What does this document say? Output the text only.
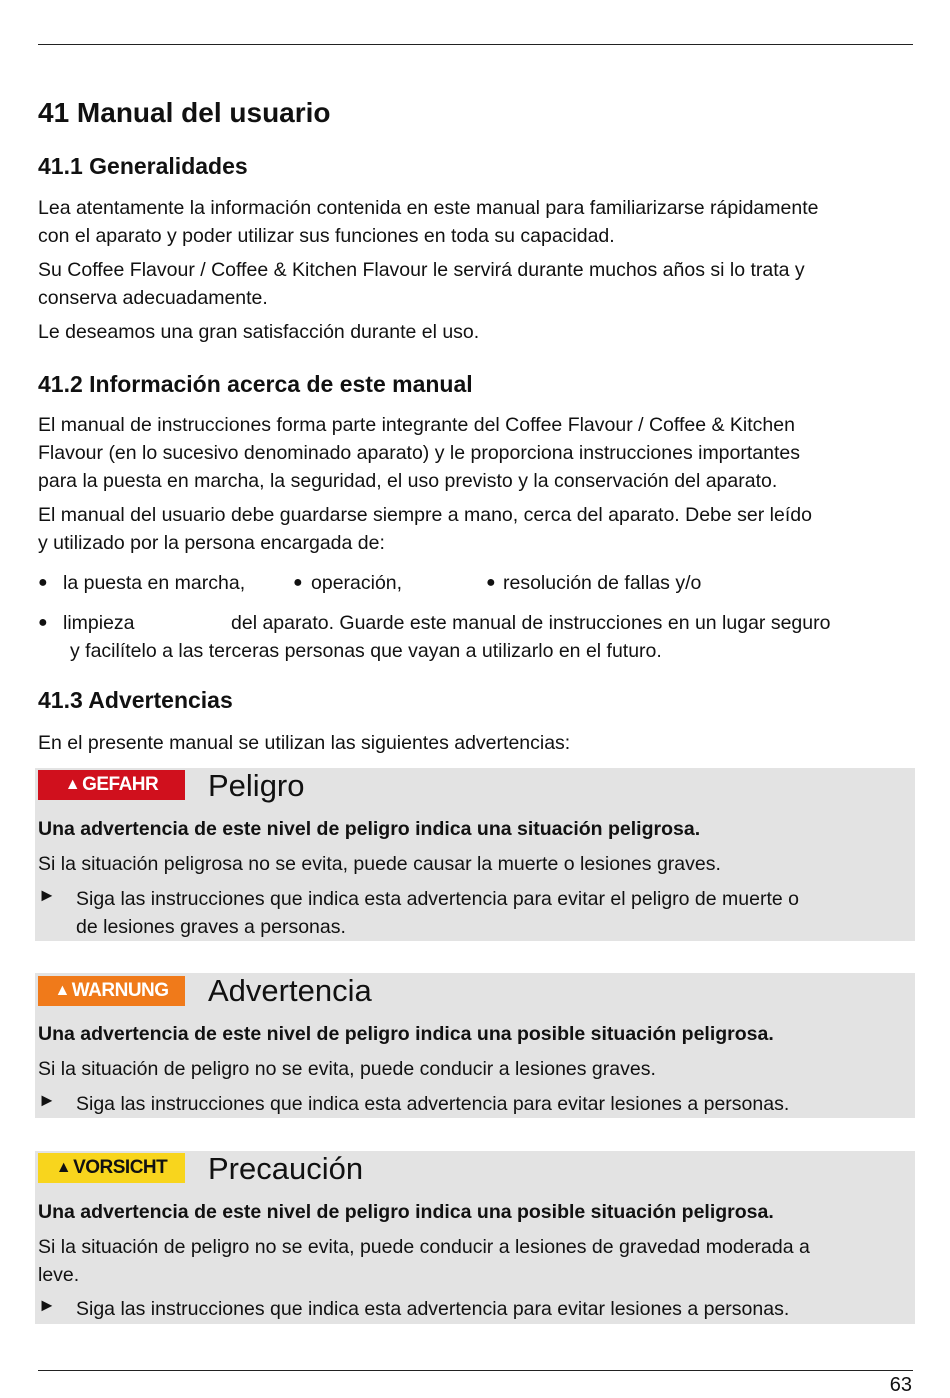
41 Manual del usuario
41.1 Generalidades
Lea atentamente la información contenida en este manual para familiarizarse rápidamente
con el aparato y poder utilizar sus funciones en toda su capacidad.
Su Coffee Flavour / Coffee & Kitchen Flavour le servirá durante muchos años si lo trata y
conserva adecuadamente.
Le deseamos una gran satisfacción durante el uso.
41.2 Información acerca de este manual
El manual de instrucciones forma parte integrante del Coffee Flavour / Coffee & Kitchen
Flavour (en lo sucesivo denominado aparato) y le proporciona instrucciones importantes
para la puesta en marcha, la seguridad, el uso previsto y la conservación del aparato.
El manual del usuario debe guardarse siempre a mano, cerca del aparato. Debe ser leído
y utilizado por la persona encargada de:
● la puesta en marcha,	● operación,	● resolución de fallas y/o
● limpieza	del aparato. Guarde este manual de instrucciones en un lugar seguro
y facilítelo a las terceras personas que vayan a utilizarlo en el futuro.
41.3 Advertencias
En el presente manual se utilizan las siguientes advertencias:
▲ GEFAHR Peligro
Una advertencia de este nivel de peligro indica una situación peligrosa.
Si la situación peligrosa no se evita, puede causar la muerte o lesiones graves.
► Siga las instrucciones que indica esta advertencia para evitar el peligro de muerte o
de lesiones graves a personas.
▲ WARNUNG Advertencia
Una advertencia de este nivel de peligro indica una posible situación peligrosa.
Si la situación de peligro no se evita, puede conducir a lesiones graves.
► Siga las instrucciones que indica esta advertencia para evitar lesiones a personas.
▲ VORSICHT Precaución
Una advertencia de este nivel de peligro indica una posible situación peligrosa.
Si la situación de peligro no se evita, puede conducir a lesiones de gravedad moderada a
leve.
► Siga las instrucciones que indica esta advertencia para evitar lesiones a personas.
63
